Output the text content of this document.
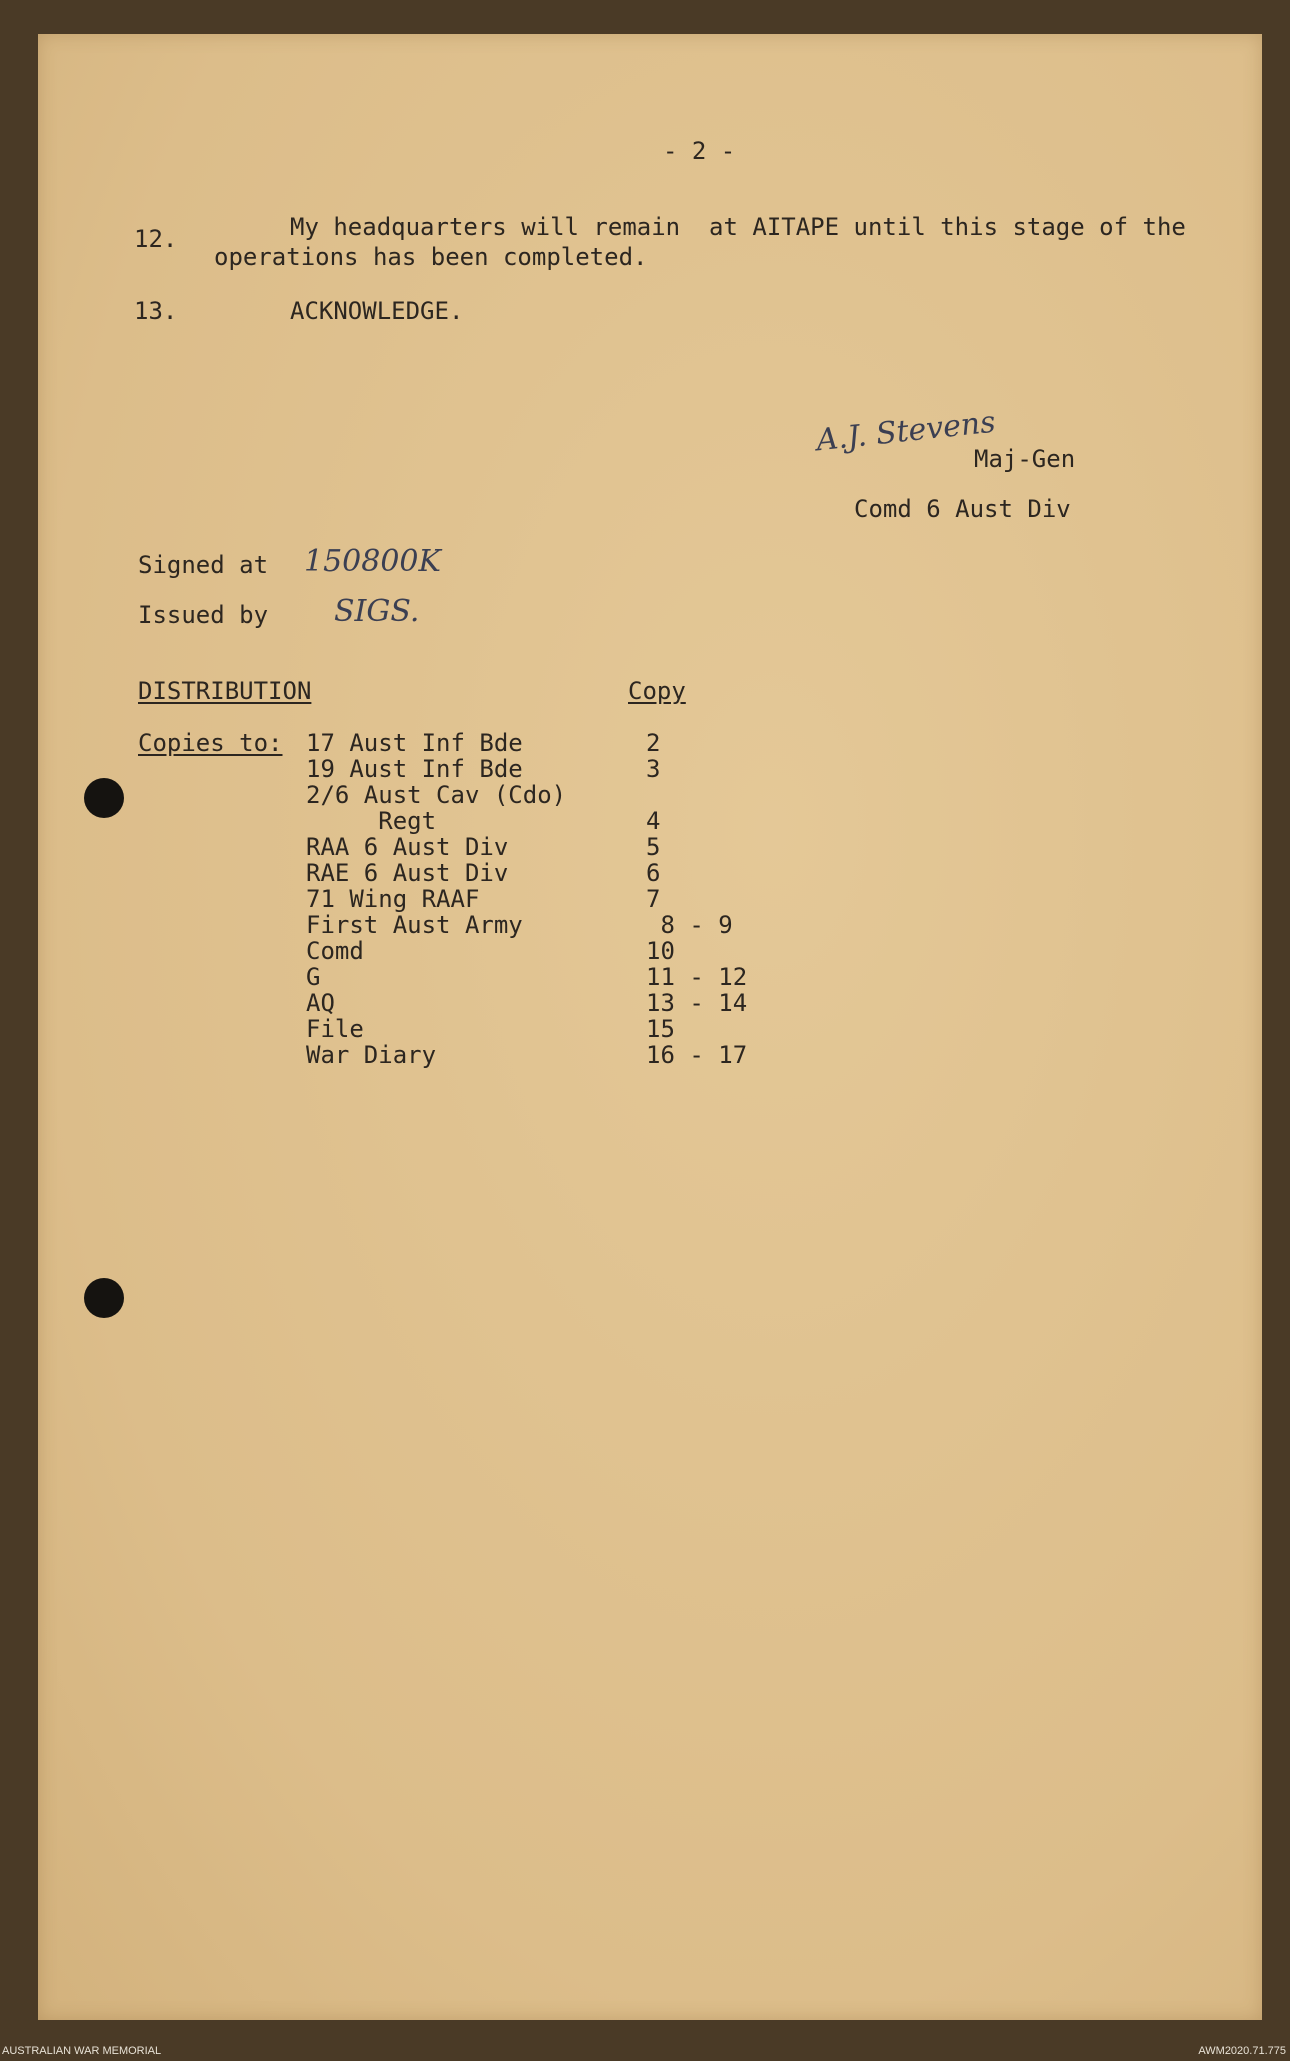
- 2 -
12.	My headquarters will remain  at AITAPE until this stage of the
operations has been completed.
13.	ACKNOWLEDGE.
A.J. Stevens
Maj-Gen
Comd 6 Aust Div
Signed at 150800K
Issued by SIGS.
DISTRIBUTION	Copy
Copies to: 17 Aust Inf Bde	2
19 Aust Inf Bde	3
2/6 Aust Cav (Cdo)
Regt	4
RAA 6 Aust Div	5
RAE 6 Aust Div	6
71 Wing RAAF	7
First Aust Army	8 - 9
Comd	10
G	11 - 12
AQ	13 - 14
File	15
War Diary	16 - 17
AUSTRALIAN WAR MEMORIAL	AWM2020.71.775
